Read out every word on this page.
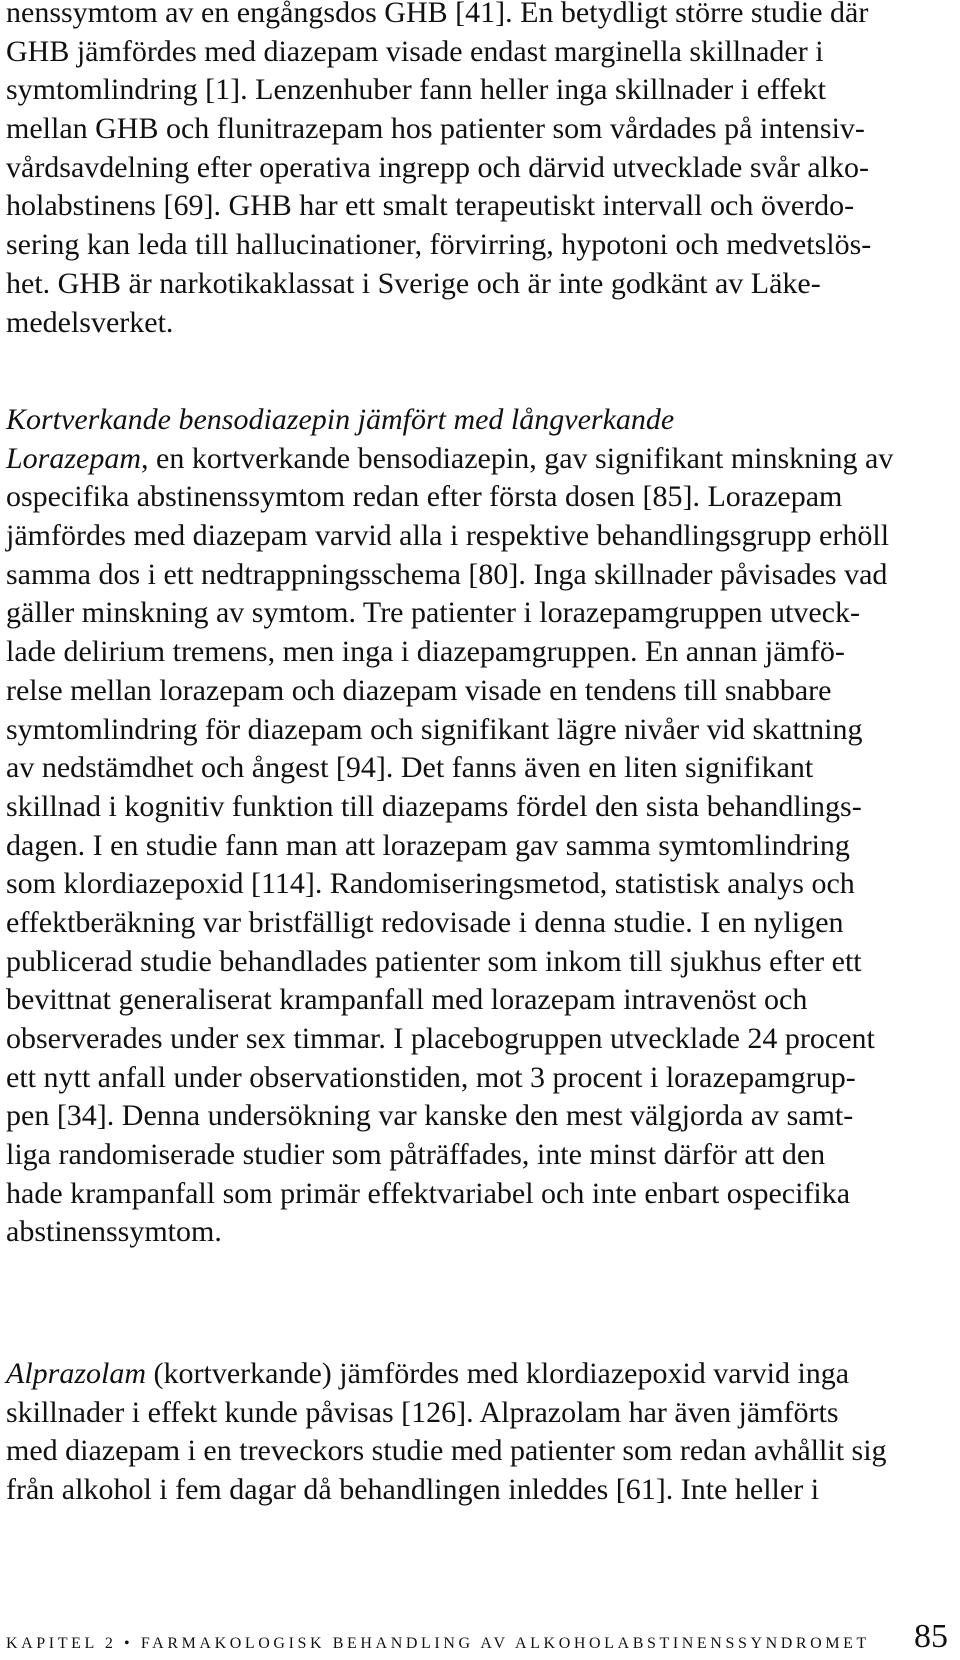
nenssymtom av en engångsdos GHB [41]. En betydligt större studie där
GHB jämfördes med diazepam visade endast marginella skillnader i
symtomlindring [1]. Lenzenhuber fann heller inga skillnader i effekt
mellan GHB och flunitrazepam hos patienter som vårdades på intensiv-
vårdsavdelning efter operativa ingrepp och därvid utvecklade svår alko-
holabstinens [69]. GHB har ett smalt terapeutiskt intervall och överdo-
sering kan leda till hallucinationer, förvirring, hypotoni och medvetslös-
het. GHB är narkotikaklassat i Sverige och är inte godkänt av Läke-
medelsverket.
Kortverkande bensodiazepin jämfört med långverkande
Lorazepam, en kortverkande bensodiazepin, gav signifikant minskning av
ospecifika abstinenssymtom redan efter första dosen [85]. Lorazepam
jämfördes med diazepam varvid alla i respektive behandlingsgrupp erhöll
samma dos i ett nedtrappningsschema [80]. Inga skillnader påvisades vad
gäller minskning av symtom. Tre patienter i lorazepamgruppen utveck-
lade delirium tremens, men inga i diazepamgruppen. En annan jämfö-
relse mellan lorazepam och diazepam visade en tendens till snabbare
symtomlindring för diazepam och signifikant lägre nivåer vid skattning
av nedstämdhet och ångest [94]. Det fanns även en liten signifikant
skillnad i kognitiv funktion till diazepams fördel den sista behandlings-
dagen. I en studie fann man att lorazepam gav samma symtomlindring
som klordiazepoxid [114]. Randomiseringsmetod, statistisk analys och
effektberäkning var bristfälligt redovisade i denna studie. I en nyligen
publicerad studie behandlades patienter som inkom till sjukhus efter ett
bevittnat generaliserat krampanfall med lorazepam intravenöst och
observerades under sex timmar. I placebogruppen utvecklade 24 procent
ett nytt anfall under observationstiden, mot 3 procent i lorazepamgrup-
pen [34]. Denna undersökning var kanske den mest välgjorda av samt-
liga randomiserade studier som påträffades, inte minst därför att den
hade krampanfall som primär effektvariabel och inte enbart ospecifika
abstinenssymtom.
Alprazolam (kortverkande) jämfördes med klordiazepoxid varvid inga
skillnader i effekt kunde påvisas [126]. Alprazolam har även jämförts
med diazepam i en treveckors studie med patienter som redan avhållit sig
från alkohol i fem dagar då behandlingen inleddes [61]. Inte heller i
KAPITEL 2 • FARMAKOLOGISK BEHANDLING AV ALKOHOLABSTINENSSYNDROMET 85
